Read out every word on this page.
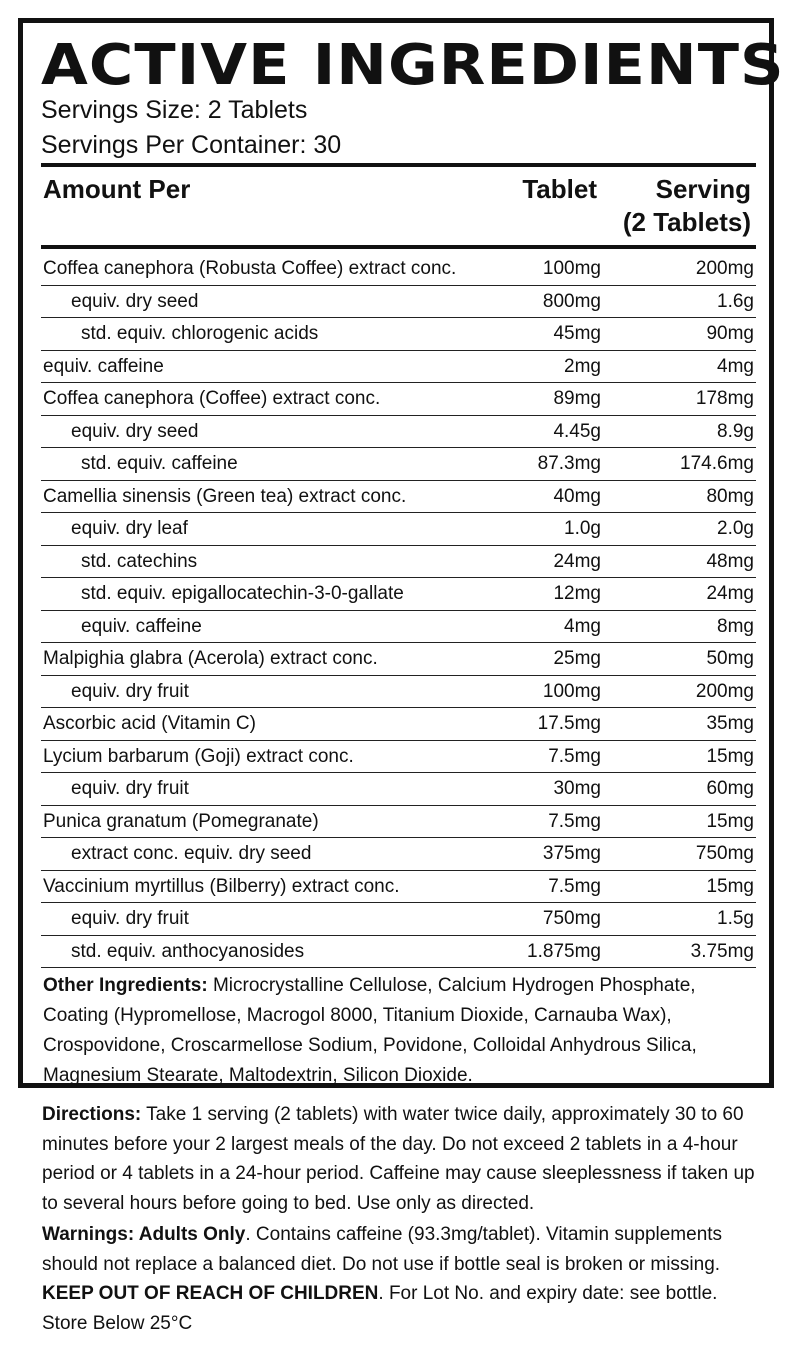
ACTIVE INGREDIENTS
Servings Size: 2 Tablets
Servings Per Container: 30
Amount Per	Tablet	Serving
(2 Tablets)
Coffea canephora (Robusta Coffee) extract conc.	100mg	200mg
equiv. dry seed	800mg	1.6g
std. equiv. chlorogenic acids	45mg	90mg
equiv. caffeine	2mg	4mg
Coffea canephora (Coffee) extract conc.	89mg	178mg
equiv. dry seed	4.45g	8.9g
std. equiv. caffeine	87.3mg	174.6mg
Camellia sinensis (Green tea) extract conc.	40mg	80mg
equiv. dry leaf	1.0g	2.0g
std. catechins	24mg	48mg
std. equiv. epigallocatechin-3-0-gallate	12mg	24mg
equiv. caffeine	4mg	8mg
Malpighia glabra (Acerola) extract conc.	25mg	50mg
equiv. dry fruit	100mg	200mg
Ascorbic acid (Vitamin C)	17.5mg	35mg
Lycium barbarum (Goji) extract conc.	7.5mg	15mg
equiv. dry fruit	30mg	60mg
Punica granatum (Pomegranate)	7.5mg	15mg
extract conc. equiv. dry seed	375mg	750mg
Vaccinium myrtillus (Bilberry) extract conc.	7.5mg	15mg
equiv. dry fruit	750mg	1.5g
std. equiv. anthocyanosides	1.875mg	3.75mg
Other Ingredients: Microcrystalline Cellulose, Calcium Hydrogen Phosphate, Coating (Hypromellose, Macrogol 8000, Titanium Dioxide, Carnauba Wax), Crospovidone, Croscarmellose Sodium, Povidone, Colloidal Anhydrous Silica, Magnesium Stearate, Maltodextrin, Silicon Dioxide.
Directions: Take 1 serving (2 tablets) with water twice daily, approximately 30 to 60 minutes before your 2 largest meals of the day. Do not exceed 2 tablets in a 4-hour period or 4 tablets in a 24-hour period. Caffeine may cause sleeplessness if taken up to several hours before going to bed. Use only as directed.
Warnings: Adults Only. Contains caffeine (93.3mg/tablet). Vitamin supplements should not replace a balanced diet. Do not use if bottle seal is broken or missing. KEEP OUT OF REACH OF CHILDREN. For Lot No. and expiry date: see bottle. Store Below 25°C
